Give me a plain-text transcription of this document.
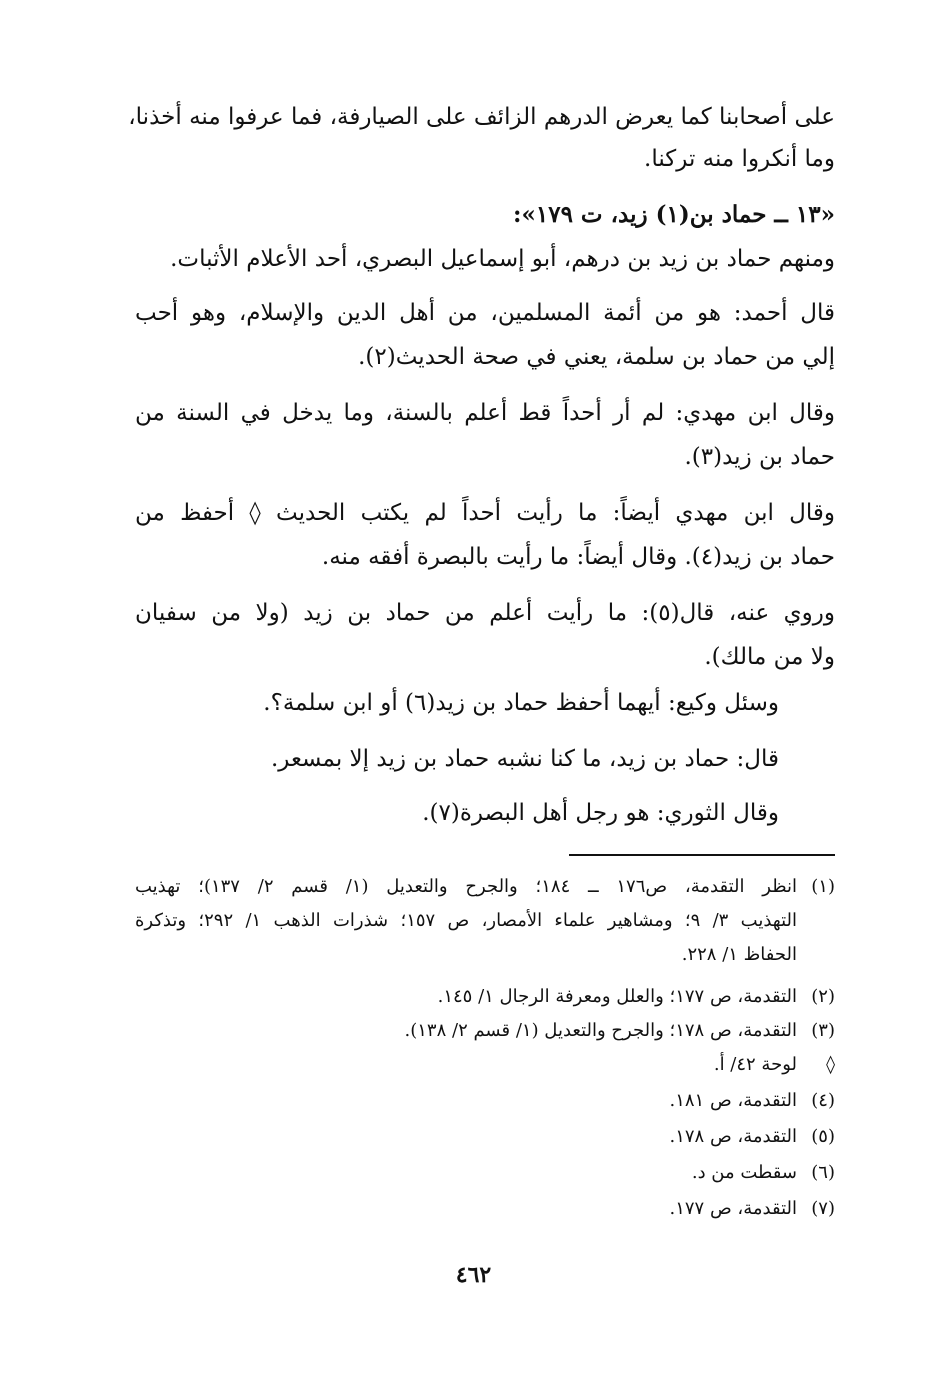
على أصحابنا كما يعرض الدرهم الزائف على الصيارفة، فما عرفوا منه أخذنا،
وما أنكروا منه تركنا.
«١٣ ــ حماد بن(١) زيد، ت ١٧٩»:
ومنهم حماد بن زيد بن درهم، أبو إسماعيل البصري، أحد الأعلام الأثبات.
قال أحمد: هو من أئمة المسلمين، من أهل الدين والإسلام، وهو أحب
إلي من حماد بن سلمة، يعني في صحة الحديث(٢).
وقال ابن مهدي: لم أر أحداً قط أعلم بالسنة، وما يدخل في السنة من
حماد بن زيد(٣).
وقال ابن مهدي أيضاً: ما رأيت أحداً لم يكتب الحديث ◊ أحفظ من
حماد بن زيد(٤). وقال أيضاً: ما رأيت بالبصرة أفقه منه.
وروي عنه، قال(٥): ما رأيت أعلم من حماد بن زيد (ولا من سفيان
ولا من مالك).
وسئل وكيع: أيهما أحفظ حماد بن زيد(٦) أو ابن سلمة؟.
قال: حماد بن زيد، ما كنا نشبه حماد بن زيد إلا بمسعر.
وقال الثوري: هو رجل أهل البصرة(٧).
(١)انظر التقدمة، ص١٧٦ ــ ١٨٤؛ والجرح والتعديل (١/ قسم ٢/ ١٣٧)؛ تهذيب
التهذيب ٣/ ٩؛ ومشاهير علماء الأمصار، ص ١٥٧؛ شذرات الذهب ١/ ٢٩٢؛ وتذكرة
الحفاظ ١/ ٢٢٨.
(٢)التقدمة، ص ١٧٧؛ والعلل ومعرفة الرجال ١/ ١٤٥.
(٣)التقدمة، ص ١٧٨؛ والجرح والتعديل (١/ قسم ٢/ ١٣٨).
◊لوحة ٤٢/ أ.
(٤)التقدمة، ص ١٨١.
(٥)التقدمة، ص ١٧٨.
(٦)سقطت من د.
(٧)التقدمة، ص ١٧٧.
٤٦٢
